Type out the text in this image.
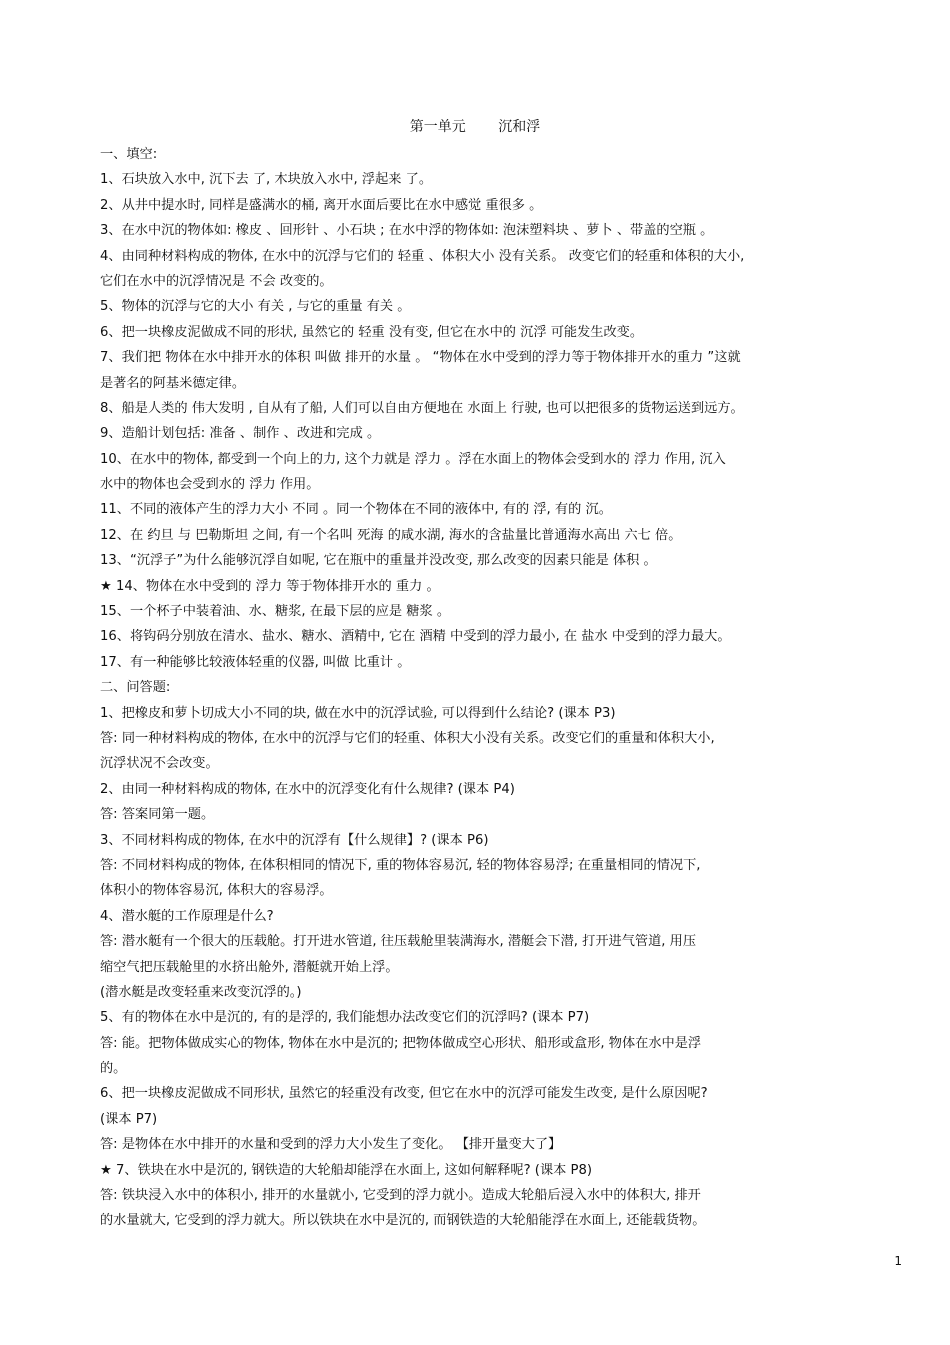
第一单元 沉和浮
一、填空:
1、石块放入水中, 沉下去 了, 木块放入水中, 浮起来 了。
2、从井中提水时, 同样是盛满水的桶, 离开水面后要比在水中感觉 重很多 。
3、在水中沉的物体如: 橡皮 、回形针 、小石块 ; 在水中浮的物体如: 泡沫塑料块 、萝卜 、带盖的空瓶 。
4、由同种材料构成的物体, 在水中的沉浮与它们的 轻重 、体积大小 没有关系。 改变它们的轻重和体积的大小,
它们在水中的沉浮情况是 不会 改变的。
5、物体的沉浮与它的大小 有关 , 与它的重量 有关 。
6、把一块橡皮泥做成不同的形状, 虽然它的 轻重 没有变, 但它在水中的 沉浮 可能发生改变。
7、我们把 物体在水中排开水的体积 叫做 排开的水量 。 “物体在水中受到的浮力等于物体排开水的重力 ”这就
是著名的阿基米德定律。
8、船是人类的 伟大发明 , 自从有了船, 人们可以自由方便地在 水面上 行驶, 也可以把很多的货物运送到远方。
9、造船计划包括: 准备 、制作 、改进和完成 。
10、在水中的物体, 都受到一个向上的力, 这个力就是 浮力 。浮在水面上的物体会受到水的 浮力 作用, 沉入
水中的物体也会受到水的 浮力 作用。
11、不同的液体产生的浮力大小 不同 。同一个物体在不同的液体中, 有的 浮, 有的 沉。
12、在 约旦 与 巴勒斯坦 之间, 有一个名叫 死海 的咸水湖, 海水的含盐量比普通海水高出 六七 倍。
13、“沉浮子”为什么能够沉浮自如呢, 它在瓶中的重量并没改变, 那么改变的因素只能是 体积 。
★ 14、物体在水中受到的 浮力 等于物体排开水的 重力 。
15、一个杯子中装着油、水、糖浆, 在最下层的应是 糖浆 。
16、将钩码分别放在清水、盐水、糖水、酒精中, 它在 酒精 中受到的浮力最小, 在 盐水 中受到的浮力最大。
17、有一种能够比较液体轻重的仪器, 叫做 比重计 。
二、问答题:
1、把橡皮和萝卜切成大小不同的块, 做在水中的沉浮试验, 可以得到什么结论? (课本 P3)
答: 同一种材料构成的物体, 在水中的沉浮与它们的轻重、体积大小没有关系。改变它们的重量和体积大小,
沉浮状况不会改变。
2、由同一种材料构成的物体, 在水中的沉浮变化有什么规律? (课本 P4)
答: 答案同第一题。
3、不同材料构成的物体, 在水中的沉浮有【什么规律】? (课本 P6)
答: 不同材料构成的物体, 在体积相同的情况下, 重的物体容易沉, 轻的物体容易浮; 在重量相同的情况下,
体积小的物体容易沉, 体积大的容易浮。
4、潜水艇的工作原理是什么?
答: 潜水艇有一个很大的压载舱。打开进水管道, 往压载舱里装满海水, 潜艇会下潜, 打开进气管道, 用压
缩空气把压载舱里的水挤出舱外, 潜艇就开始上浮。
(潜水艇是改变轻重来改变沉浮的。)
5、有的物体在水中是沉的, 有的是浮的, 我们能想办法改变它们的沉浮吗? (课本 P7)
答: 能。把物体做成实心的物体, 物体在水中是沉的; 把物体做成空心形状、船形或盒形, 物体在水中是浮
的。
6、把一块橡皮泥做成不同形状, 虽然它的轻重没有改变, 但它在水中的沉浮可能发生改变, 是什么原因呢?
(课本 P7)
答: 是物体在水中排开的水量和受到的浮力大小发生了变化。 【排开量变大了】
★ 7、铁块在水中是沉的, 钢铁造的大轮船却能浮在水面上, 这如何解释呢? (课本 P8)
答: 铁块浸入水中的体积小, 排开的水量就小, 它受到的浮力就小。造成大轮船后浸入水中的体积大, 排开
的水量就大, 它受到的浮力就大。所以铁块在水中是沉的, 而钢铁造的大轮船能浮在水面上, 还能载货物。
1
